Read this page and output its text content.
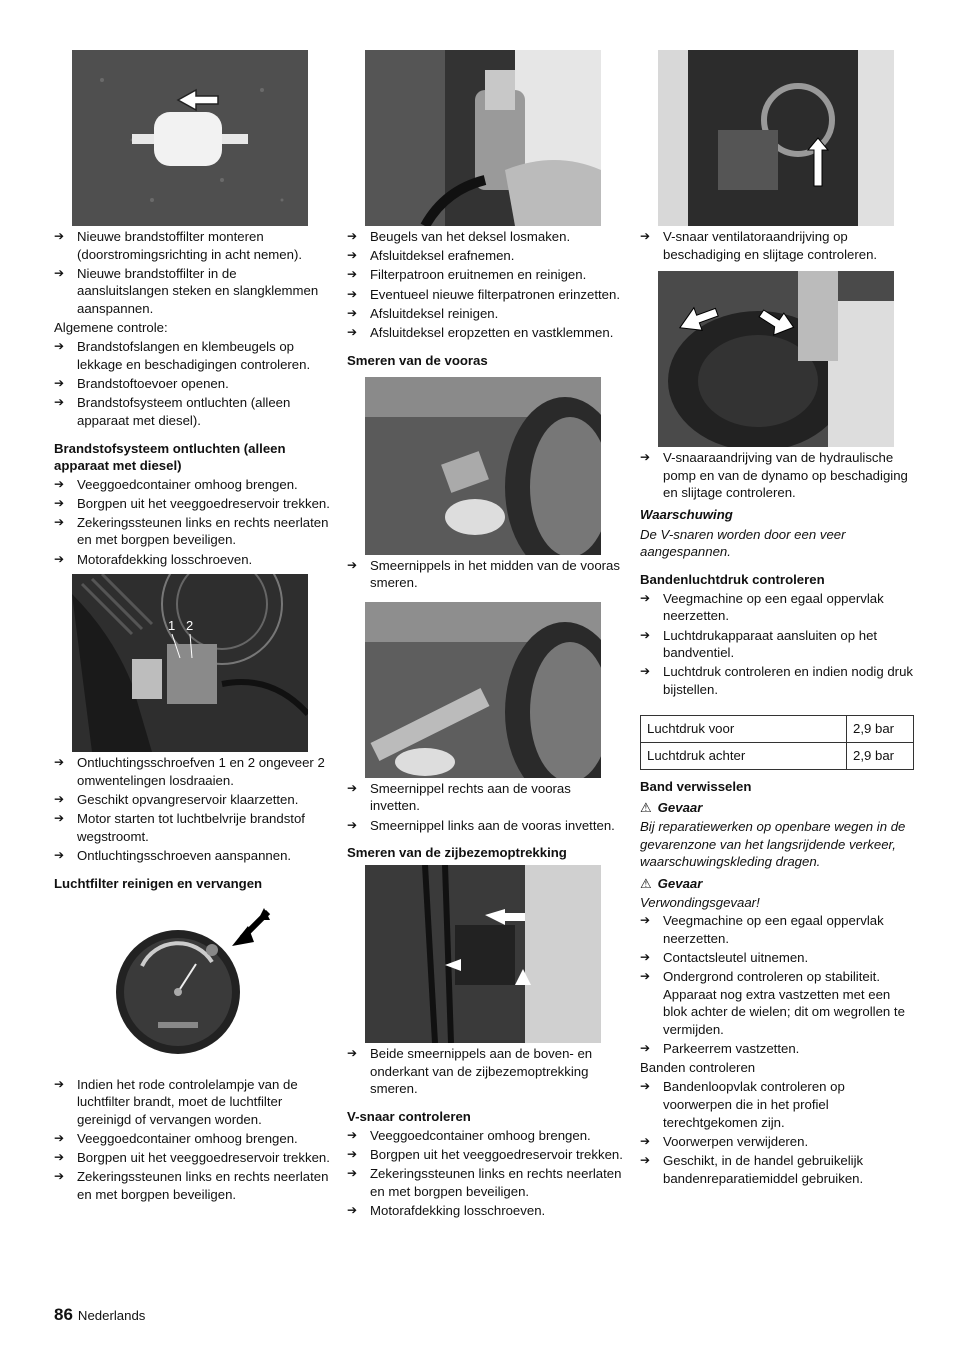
➔ Nieuwe brandstoffilter monteren (doorstromingsrichting in acht nemen).
➔ Nieuwe brandstoffilter in de aansluitslangen steken en slangklemmen aanspannen.
Algemene controle:
➔ Brandstofslangen en klembeugels op lekkage en beschadigingen controleren.
➔ Brandstoftoevoer openen.
➔ Brandstofsysteem ontluchten (alleen apparaat met diesel).
Brandstofsysteem ontluchten (alleen apparaat met diesel)
➔ Veeggoedcontainer omhoog brengen.
➔ Borgpen uit het veeggoedreservoir trekken.
➔ Zekeringssteunen links en rechts neerlaten en met borgpen beveiligen.
➔ Motorafdekking losschroeven.
1 2
➔ Ontluchtingsschroefven 1 en 2 ongeveer 2 omwentelingen losdraaien.
➔ Geschikt opvangreservoir klaarzetten.
➔ Motor starten tot luchtbelvrije brandstof wegstroomt.
➔ Ontluchtingsschroeven aanspannen.
Luchtfilter reinigen en vervangen
➔ Indien het rode controlelampje van de luchtfilter brandt, moet de luchtfilter gereinigd of vervangen worden.
➔ Veeggoedcontainer omhoog brengen.
➔ Borgpen uit het veeggoedreservoir trekken.
➔ Zekeringssteunen links en rechts neerlaten en met borgpen beveiligen.
➔ Beugels van het deksel losmaken.
➔ Afsluitdeksel erafnemen.
➔ Filterpatroon eruitnemen en reinigen.
➔ Eventueel nieuwe filterpatronen erinzetten.
➔ Afsluitdeksel reinigen.
➔ Afsluitdeksel eropzetten en vastklemmen.
Smeren van de vooras
➔ Smeernippels in het midden van de vooras smeren.
➔ Smeernippel rechts aan de vooras invetten.
➔ Smeernippel links aan de vooras invetten.
Smeren van de zijbezemoptrekking
➔ Beide smeernippels aan de boven- en onderkant van de zijbezemoptrekking smeren.
V-snaar controleren
➔ Veeggoedcontainer omhoog brengen.
➔ Borgpen uit het veeggoedreservoir trekken.
➔ Zekeringssteunen links en rechts neerlaten en met borgpen beveiligen.
➔ Motorafdekking losschroeven.
➔ V-snaar ventilatoraandrijving op beschadiging en slijtage controleren.
➔ V-snaaraandrijving van de hydraulische pomp en van de dynamo op beschadiging en slijtage controleren.
Waarschuwing
De V-snaren worden door een veer aangespannen.
Bandenluchtdruk controleren
➔ Veegmachine op een egaal oppervlak neerzetten.
➔ Luchtdrukapparaat aansluiten op het bandventiel.
➔ Luchtdruk controleren en indien nodig druk bijstellen.
Luchtdruk voor	2,9 bar
Luchtdruk achter	2,9 bar
Band verwisselen
⚠ Gevaar
Bij reparatiewerken op openbare wegen in de gevarenzone van het langsrijdende verkeer, waarschuwingskleding dragen.
⚠ Gevaar
Verwondingsgevaar!
➔ Veegmachine op een egaal oppervlak neerzetten.
➔ Contactsleutel uitnemen.
➔ Ondergrond controleren op stabiliteit. Apparaat nog extra vastzetten met een blok achter de wielen; dit om wegrollen te vermijden.
➔ Parkeerrem vastzetten.
Banden controleren
➔ Bandenloopvlak controleren op voorwerpen die in het profiel terechtgekomen zijn.
➔ Voorwerpen verwijderen.
➔ Geschikt, in de handel gebruikelijk bandenreparatiemiddel gebruiken.
86 Nederlands
